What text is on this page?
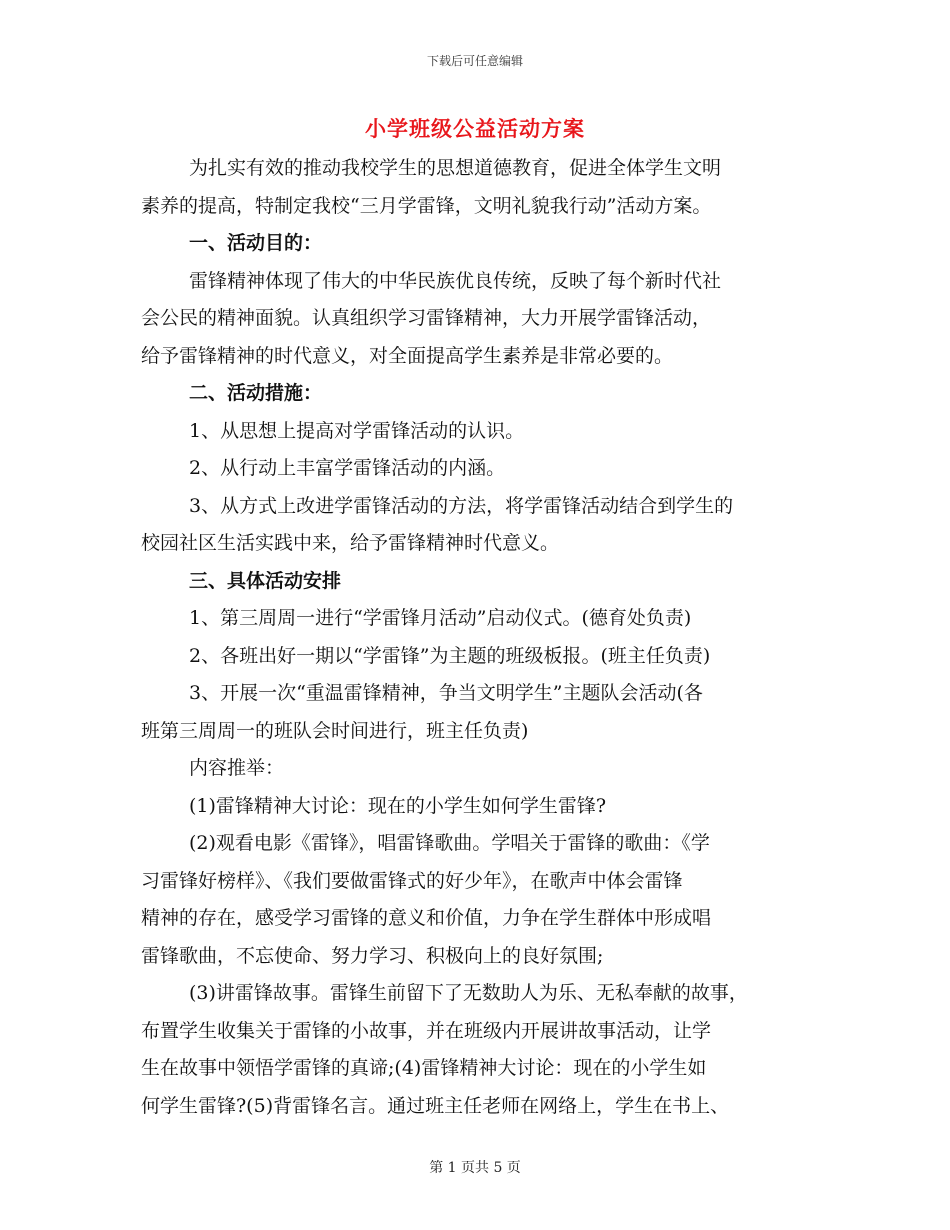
下载后可任意编辑
小学班级公益活动方案
为扎实有效的推动我校学生的思想道德教育，促进全体学生文明
素养的提高，特制定我校“三月学雷锋，文明礼貌我行动”活动方案。
一、活动目的：
雷锋精神体现了伟大的中华民族优良传统，反映了每个新时代社
会公民的精神面貌。认真组织学习雷锋精神，大力开展学雷锋活动，
给予雷锋精神的时代意义，对全面提高学生素养是非常必要的。
二、活动措施：
1、从思想上提高对学雷锋活动的认识。
2、从行动上丰富学雷锋活动的内涵。
3、从方式上改进学雷锋活动的方法，将学雷锋活动结合到学生的
校园社区生活实践中来，给予雷锋精神时代意义。
三、具体活动安排
1、第三周周一进行“学雷锋月活动”启动仪式。(德育处负责)
2、各班出好一期以“学雷锋”为主题的班级板报。(班主任负责)
3、开展一次“重温雷锋精神，争当文明学生”主题队会活动(各
班第三周周一的班队会时间进行，班主任负责)
内容推举：
(1)雷锋精神大讨论：现在的小学生如何学生雷锋?
(2)观看电影《雷锋》，唱雷锋歌曲。学唱关于雷锋的歌曲：《学
习雷锋好榜样》、《我们要做雷锋式的好少年》，在歌声中体会雷锋
精神的存在，感受学习雷锋的意义和价值，力争在学生群体中形成唱
雷锋歌曲，不忘使命、努力学习、积极向上的良好氛围;
(3)讲雷锋故事。雷锋生前留下了无数助人为乐、无私奉献的故事，
布置学生收集关于雷锋的小故事，并在班级内开展讲故事活动，让学
生在故事中领悟学雷锋的真谛;(4)雷锋精神大讨论：现在的小学生如
何学生雷锋?(5)背雷锋名言。通过班主任老师在网络上，学生在书上、
第 1 页共 5 页
